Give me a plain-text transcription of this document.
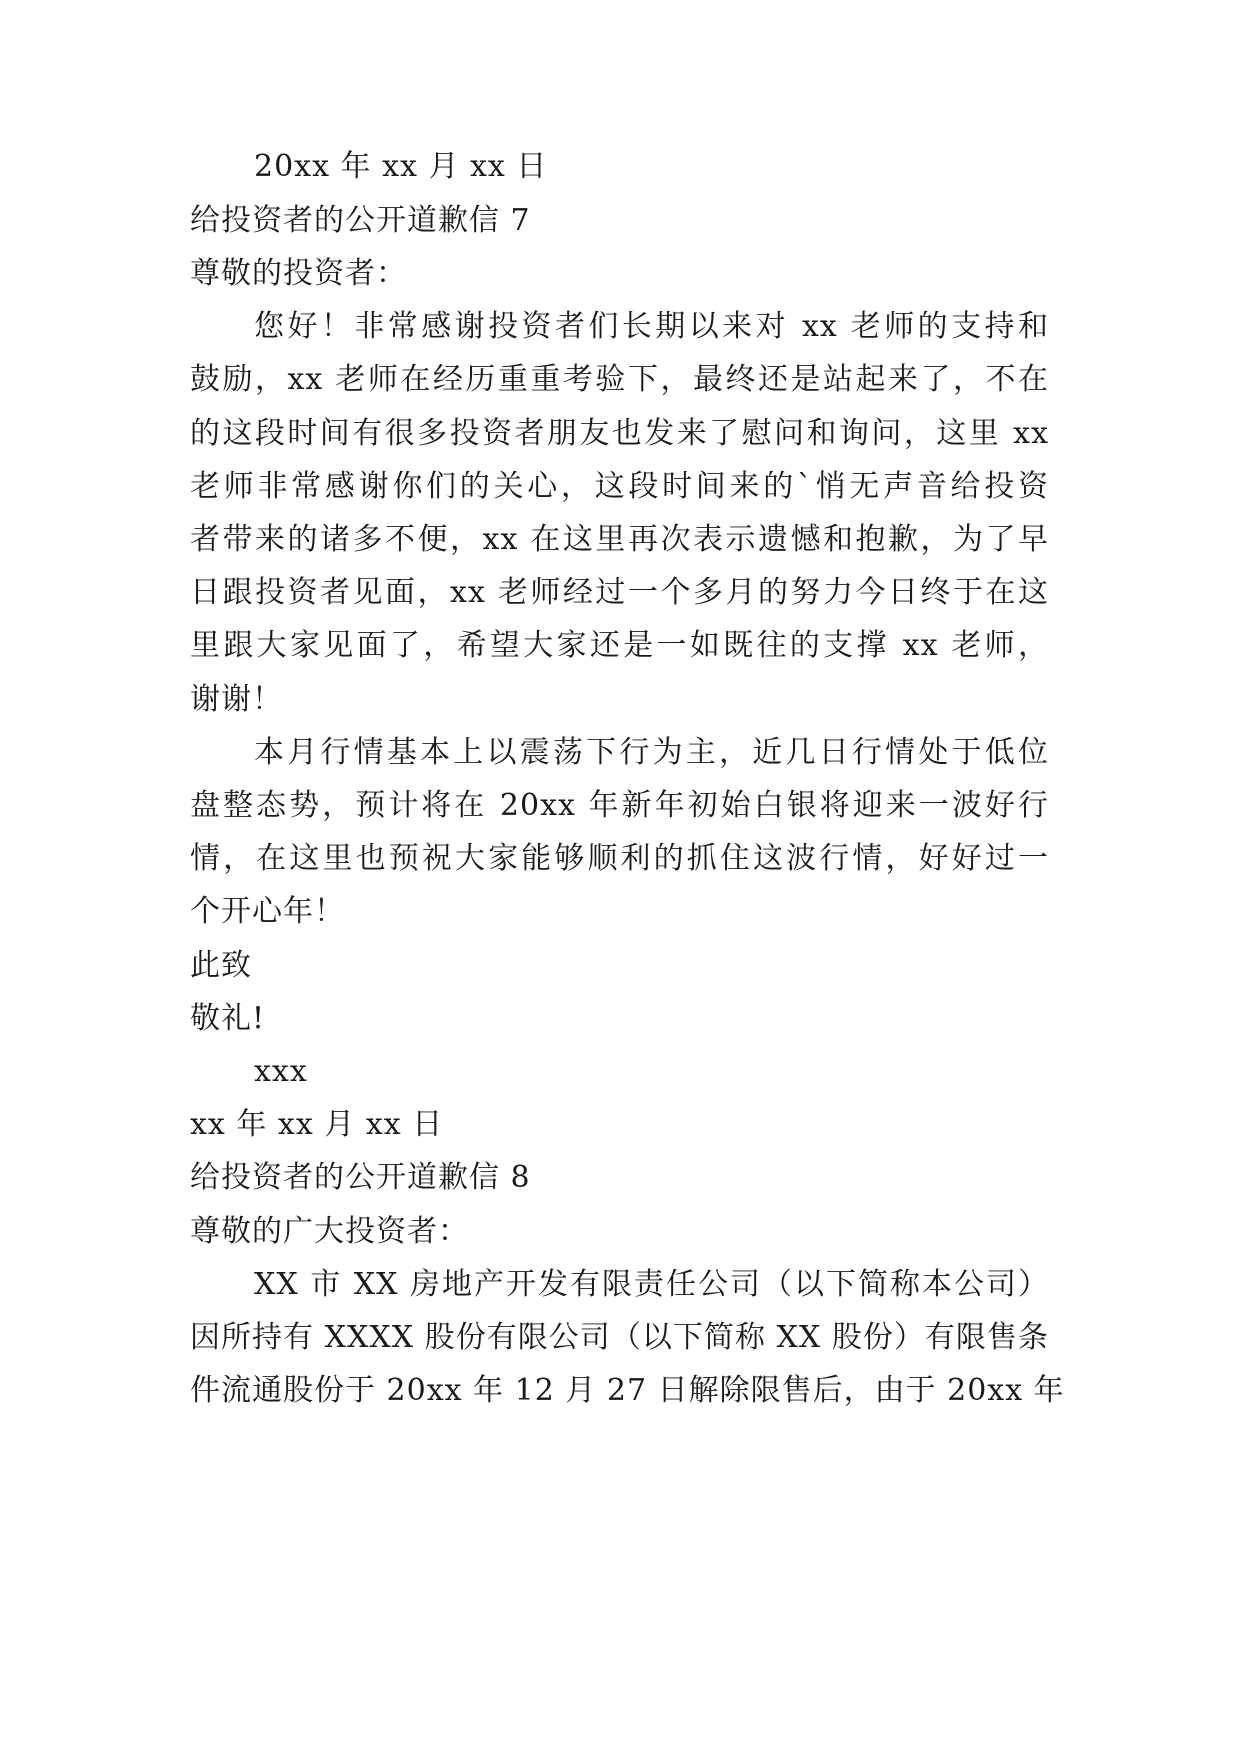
20xx 年 xx 月 xx 日
给投资者的公开道歉信 7
尊敬的投资者：
您好！非常感谢投资者们长期以来对 xx 老师的支持和
鼓励，xx 老师在经历重重考验下，最终还是站起来了，不在
的这段时间有很多投资者朋友也发来了慰问和询问，这里 xx
老师非常感谢你们的关心，这段时间来的`悄无声音给投资
者带来的诸多不便，xx 在这里再次表示遗憾和抱歉，为了早
日跟投资者见面，xx 老师经过一个多月的努力今日终于在这
里跟大家见面了，希望大家还是一如既往的支撑 xx 老师，
谢谢！
本月行情基本上以震荡下行为主，近几日行情处于低位
盘整态势，预计将在 20xx 年新年初始白银将迎来一波好行
情，在这里也预祝大家能够顺利的抓住这波行情，好好过一
个开心年！
此致
敬礼!
xxx
xx 年 xx 月 xx 日
给投资者的公开道歉信 8
尊敬的广大投资者：
XX 市 XX 房地产开发有限责任公司（以下简称本公司）
因所持有 XXXX 股份有限公司（以下简称 XX 股份）有限售条
件流通股份于 20xx 年 12 月 27 日解除限售后，由于 20xx 年
